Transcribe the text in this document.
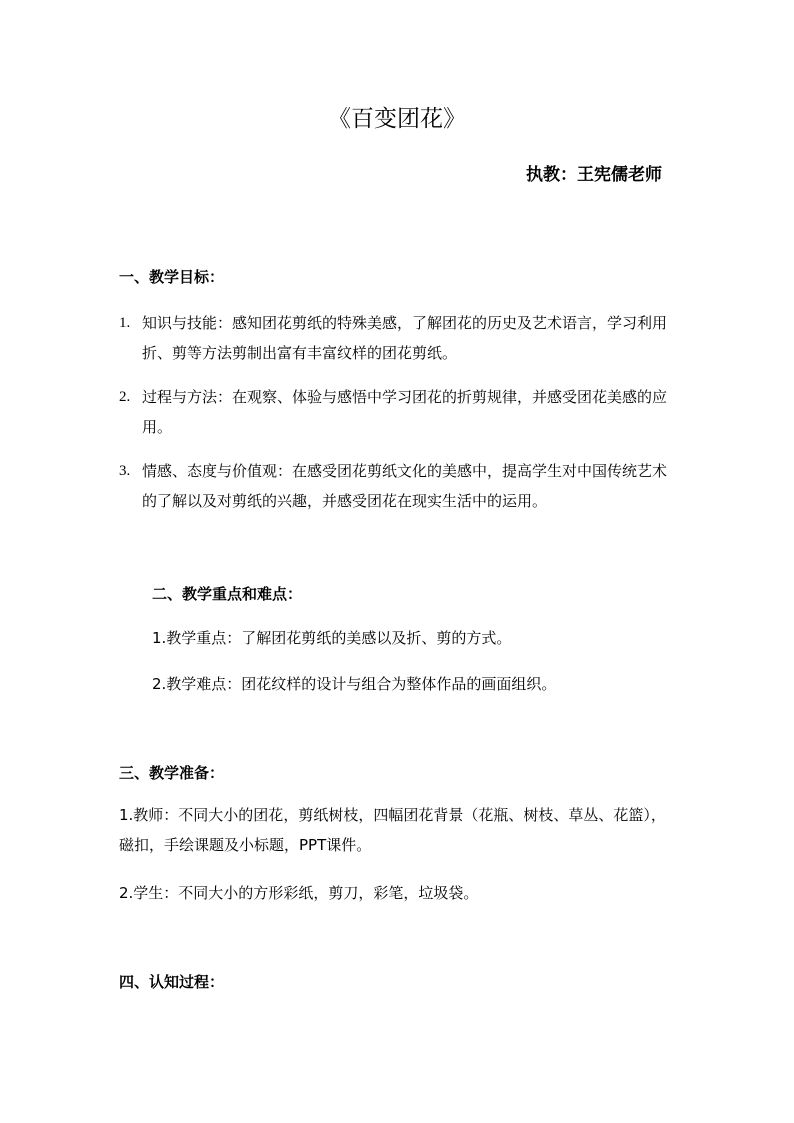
《百变团花》
执教：王宪儒老师
一、教学目标：
1. 知识与技能：感知团花剪纸的特殊美感，了解团花的历史及艺术语言，学习利用折、剪等方法剪制出富有丰富纹样的团花剪纸。
2. 过程与方法：在观察、体验与感悟中学习团花的折剪规律，并感受团花美感的应用。
3. 情感、态度与价值观：在感受团花剪纸文化的美感中，提高学生对中国传统艺术的了解以及对剪纸的兴趣，并感受团花在现实生活中的运用。
二、教学重点和难点：
1.教学重点：了解团花剪纸的美感以及折、剪的方式。
2.教学难点：团花纹样的设计与组合为整体作品的画面组织。
三、教学准备：
1.教师：不同大小的团花，剪纸树枝，四幅团花背景（花瓶、树枝、草丛、花篮），磁扣，手绘课题及小标题，PPT课件。
2.学生：不同大小的方形彩纸，剪刀，彩笔，垃圾袋。
四、认知过程：
